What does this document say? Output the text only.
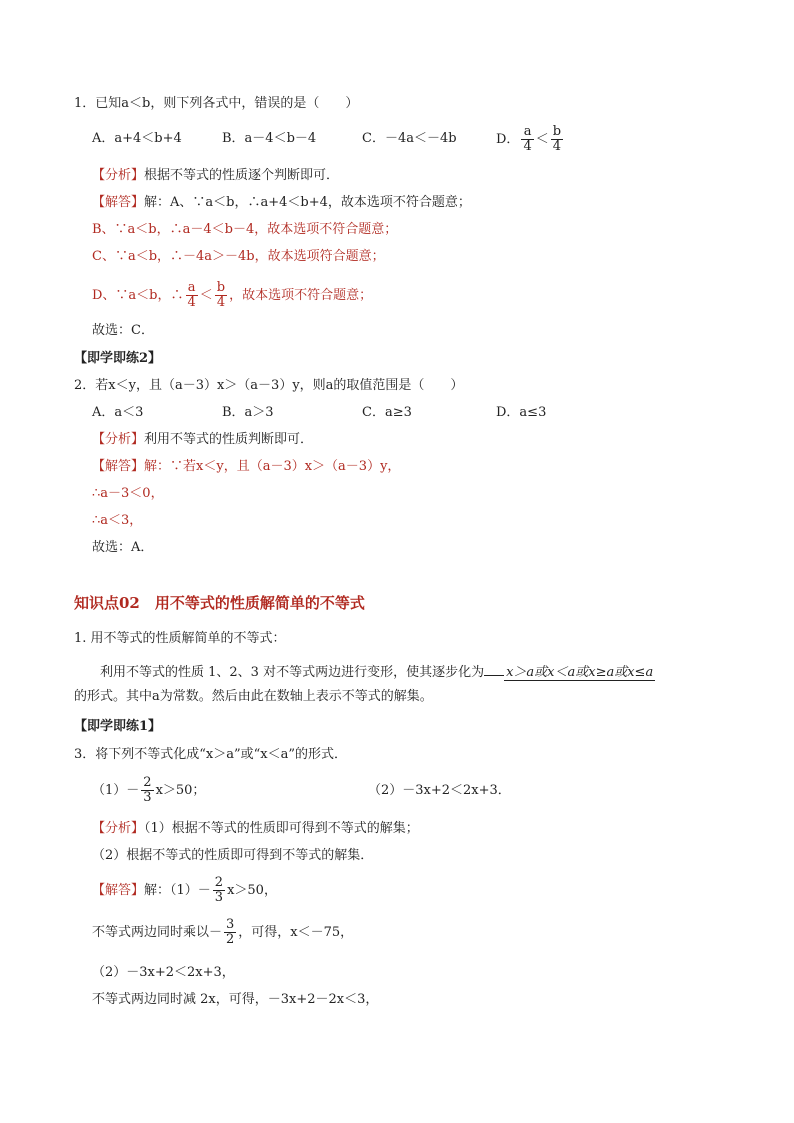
1．已知a＜b，则下列各式中，错误的是（　　）
A．a+4＜b+4	B．a－4＜b－4	C．－4a＜－4b	D． $\frac{a}{4} < \frac{b}{4}$
【分析】根据不等式的性质逐个判断即可．
【解答】解：A、∵a＜b，∴a+4＜b+4，故本选项不符合题意；
B、∵a＜b，∴a－4＜b－4，故本选项不符合题意；
C、∵a＜b，∴－4a＞－4b，故本选项符合题意；
D、∵a＜b，∴ $\frac{a}{4} < \frac{b}{4}$ ，故本选项不符合题意；
故选：C．
【即学即练2】
2．若x＜y，且（a－3）x＞（a－3）y，则a的取值范围是（　　）
A．a＜3	B．a＞3	C．a≥3	D．a≤3
【分析】利用不等式的性质判断即可．
【解答】解：∵若x＜y，且（a－3）x＞（a－3）y，
∴a－3＜0，
∴a＜3，
故选：A．
知识点02　用不等式的性质解简单的不等式
1. 用不等式的性质解简单的不等式：
利用不等式的性质 1、2、3 对不等式两边进行变形，使其逐步化为 x＞a或x＜a或x≥a或x≤a
的形式。其中a为常数。然后由此在数轴上表示不等式的解集。
【即学即练1】
3．将下列不等式化成“x＞a”或“x＜a”的形式．
$(1)- \frac{2}{3} x>50$；	（2）－3x+2＜2x+3．
【分析】（1）根据不等式的性质即可得到不等式的解集；
（2）根据不等式的性质即可得到不等式的解集．
【解答】解：$(1)- \frac{2}{3} x>50$，
不等式两边同时乘以－ $\frac{3}{2}$ ，可得，x＜－75，
（2）－3x+2＜2x+3，
不等式两边同时减 2x，可得，－3x+2－2x＜3，
